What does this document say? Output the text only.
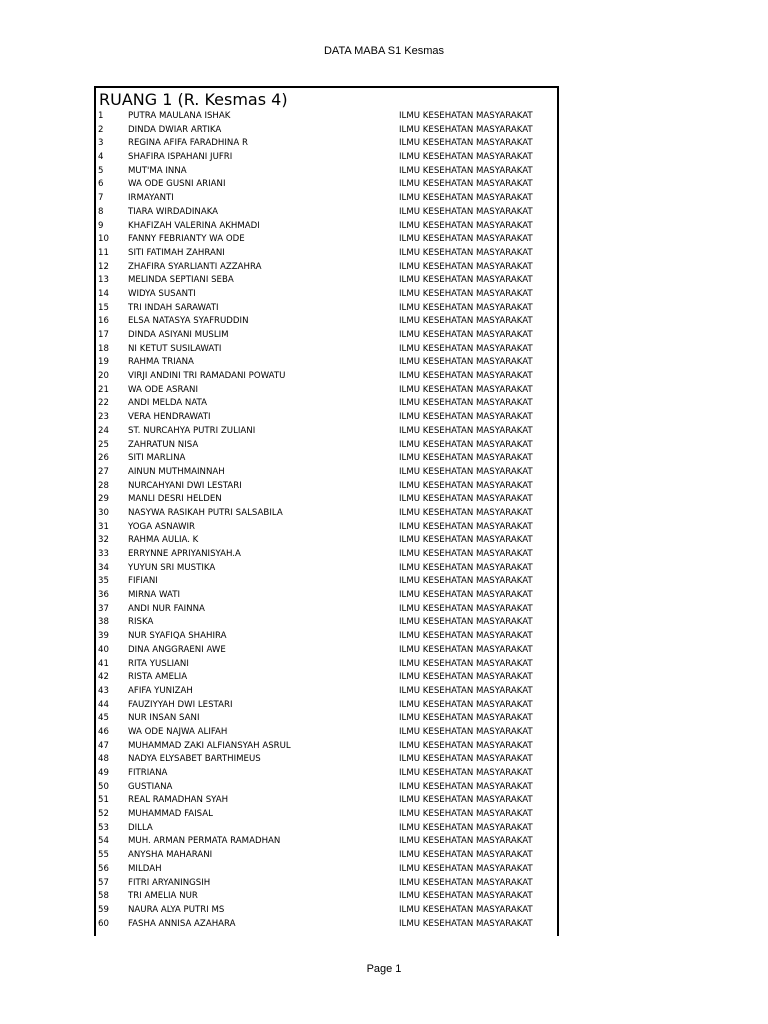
DATA MABA S1 Kesmas
RUANG 1 (R. Kesmas 4)
1	PUTRA MAULANA ISHAK	ILMU KESEHATAN MASYARAKAT
2	DINDA DWIAR ARTIKA	ILMU KESEHATAN MASYARAKAT
3	REGINA AFIFA FARADHINA R	ILMU KESEHATAN MASYARAKAT
4	SHAFIRA ISPAHANI JUFRI	ILMU KESEHATAN MASYARAKAT
5	MUT'MA INNA	ILMU KESEHATAN MASYARAKAT
6	WA ODE GUSNI ARIANI	ILMU KESEHATAN MASYARAKAT
7	IRMAYANTI	ILMU KESEHATAN MASYARAKAT
8	TIARA WIRDADINAKA	ILMU KESEHATAN MASYARAKAT
9	KHAFIZAH VALERINA AKHMADI	ILMU KESEHATAN MASYARAKAT
10 FANNY FEBRIANTY WA ODE	ILMU KESEHATAN MASYARAKAT
11 SITI FATIMAH ZAHRANI	ILMU KESEHATAN MASYARAKAT
12 ZHAFIRA SYARLIANTI AZZAHRA	ILMU KESEHATAN MASYARAKAT
13 MELINDA SEPTIANI SEBA	ILMU KESEHATAN MASYARAKAT
14 WIDYA SUSANTI	ILMU KESEHATAN MASYARAKAT
15 TRI INDAH SARAWATI	ILMU KESEHATAN MASYARAKAT
16 ELSA NATASYA SYAFRUDDIN	ILMU KESEHATAN MASYARAKAT
17 DINDA ASIYANI MUSLIM	ILMU KESEHATAN MASYARAKAT
18 NI KETUT SUSILAWATI	ILMU KESEHATAN MASYARAKAT
19 RAHMA TRIANA	ILMU KESEHATAN MASYARAKAT
20 VIRJI ANDINI TRI RAMADANI POWATU	ILMU KESEHATAN MASYARAKAT
21 WA ODE ASRANI	ILMU KESEHATAN MASYARAKAT
22 ANDI MELDA NATA	ILMU KESEHATAN MASYARAKAT
23 VERA HENDRAWATI	ILMU KESEHATAN MASYARAKAT
24 ST. NURCAHYA PUTRI ZULIANI	ILMU KESEHATAN MASYARAKAT
25 ZAHRATUN NISA	ILMU KESEHATAN MASYARAKAT
26 SITI MARLINA	ILMU KESEHATAN MASYARAKAT
27 AINUN MUTHMAINNAH	ILMU KESEHATAN MASYARAKAT
28 NURCAHYANI DWI LESTARI	ILMU KESEHATAN MASYARAKAT
29 MANLI DESRI HELDEN	ILMU KESEHATAN MASYARAKAT
30 NASYWA RASIKAH PUTRI SALSABILA	ILMU KESEHATAN MASYARAKAT
31 YOGA ASNAWIR	ILMU KESEHATAN MASYARAKAT
32 RAHMA AULIA. K	ILMU KESEHATAN MASYARAKAT
33 ERRYNNE APRIYANISYAH.A	ILMU KESEHATAN MASYARAKAT
34 YUYUN SRI MUSTIKA	ILMU KESEHATAN MASYARAKAT
35 FIFIANI	ILMU KESEHATAN MASYARAKAT
36 MIRNA WATI	ILMU KESEHATAN MASYARAKAT
37 ANDI NUR FAINNA	ILMU KESEHATAN MASYARAKAT
38 RISKA	ILMU KESEHATAN MASYARAKAT
39 NUR SYAFIQA SHAHIRA	ILMU KESEHATAN MASYARAKAT
40 DINA ANGGRAENI AWE	ILMU KESEHATAN MASYARAKAT
41 RITA YUSLIANI	ILMU KESEHATAN MASYARAKAT
42 RISTA AMELIA	ILMU KESEHATAN MASYARAKAT
43 AFIFA YUNIZAH	ILMU KESEHATAN MASYARAKAT
44 FAUZIYYAH DWI LESTARI	ILMU KESEHATAN MASYARAKAT
45 NUR INSAN SANI	ILMU KESEHATAN MASYARAKAT
46 WA ODE NAJWA ALIFAH	ILMU KESEHATAN MASYARAKAT
47 MUHAMMAD ZAKI ALFIANSYAH ASRUL	ILMU KESEHATAN MASYARAKAT
48 NADYA ELYSABET BARTHIMEUS	ILMU KESEHATAN MASYARAKAT
49 FITRIANA	ILMU KESEHATAN MASYARAKAT
50 GUSTIANA	ILMU KESEHATAN MASYARAKAT
51 REAL RAMADHAN SYAH	ILMU KESEHATAN MASYARAKAT
52 MUHAMMAD FAISAL	ILMU KESEHATAN MASYARAKAT
53 DILLA	ILMU KESEHATAN MASYARAKAT
54 MUH. ARMAN PERMATA RAMADHAN	ILMU KESEHATAN MASYARAKAT
55 ANYSHA MAHARANI	ILMU KESEHATAN MASYARAKAT
56 MILDAH	ILMU KESEHATAN MASYARAKAT
57 FITRI ARYANINGSIH	ILMU KESEHATAN MASYARAKAT
58 TRI AMELIA NUR	ILMU KESEHATAN MASYARAKAT
59 NAURA ALYA PUTRI MS	ILMU KESEHATAN MASYARAKAT
60 FASHA ANNISA AZAHARA	ILMU KESEHATAN MASYARAKAT
Page 1
